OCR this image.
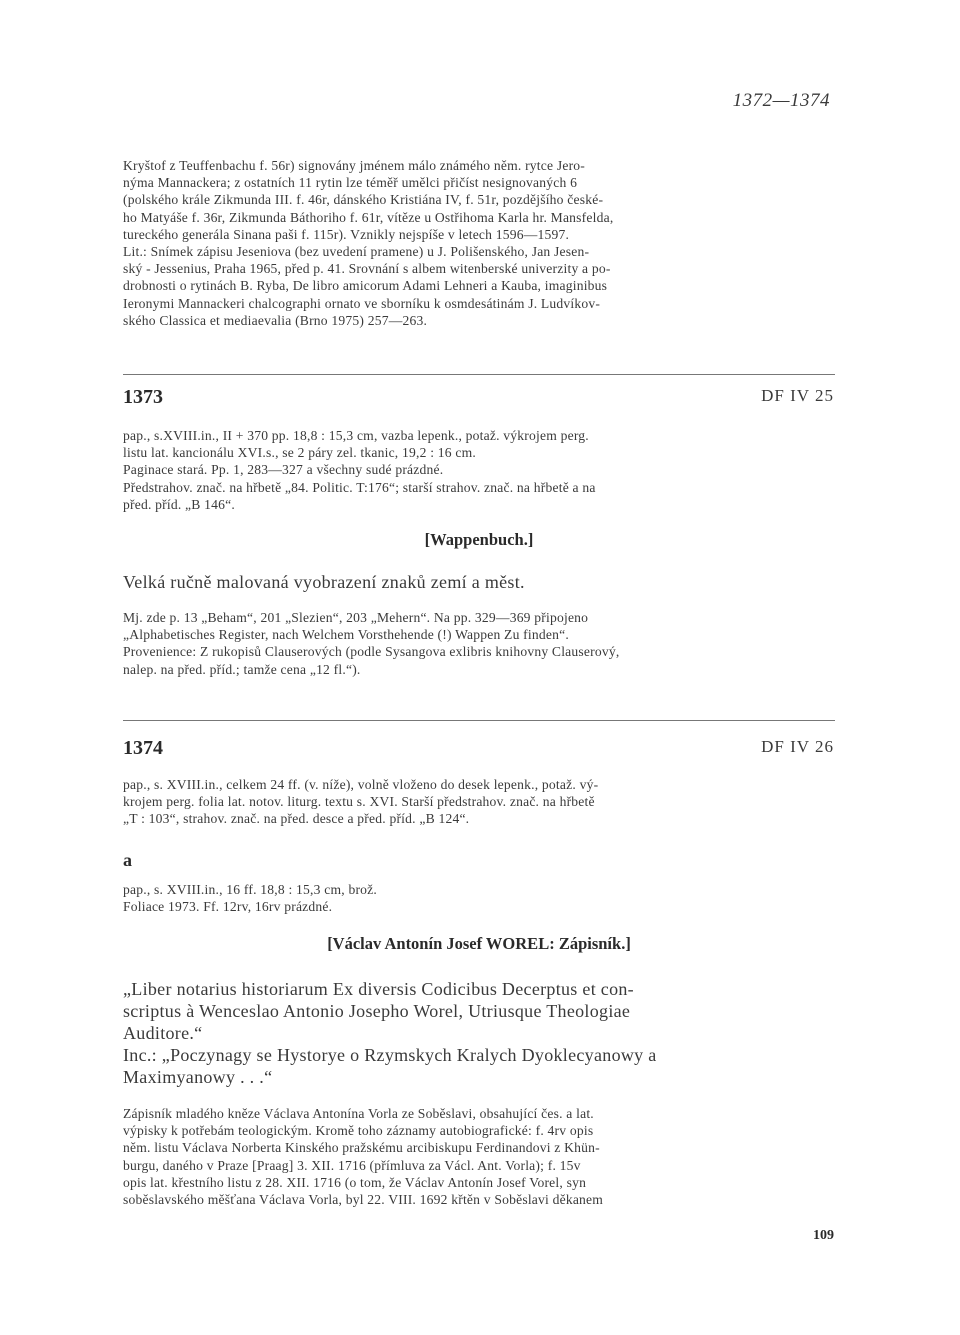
1372—1374

Kryštof z Teuffenbachu f. 56r) signovány jménem málo známého něm. rytce Jero-

nýma Mannackera; z ostatních 11 rytin lze téměř umělci přičíst nesignovaných 6

(polského krále Zikmunda III. f. 46r, dánského Kristiána IV, f. 51r, pozdějšího české-

ho Matyáše f. 36r, Zikmunda Báthoriho f. 61r, vítěze u Ostřihoma Karla hr. Mansfelda,

tureckého generála Sinana paši f. 115r). Vznikly nejspíše v letech 1596—1597.

Lit.: Snímek zápisu Jeseniova (bez uvedení pramene) u J. Polišenského, Jan Jesen-

ský - Jessenius, Praha 1965, před p. 41. Srovnání s albem witenberské univerzity a po-

drobnosti o rytinách B. Ryba, De libro amicorum Adami Lehneri a Kauba, imaginibus

Ieronymi Mannackeri chalcographi ornato ve sborníku k osmdesátinám J. Ludvíkov-

ského Classica et mediaevalia (Brno 1975) 257—263.

1373	DF IV 25

pap., s.XVIII.in., II + 370 pp. 18,8 : 15,3 cm, vazba lepenk., potaž. výkrojem perg.

listu lat. kancionálu XVI.s., se 2 páry zel. tkanic, 19,2 : 16 cm.

Paginace stará. Pp. 1, 283—327 a všechny sudé prázdné.

Předstrahov. znač. na hřbetě „84. Politic. T:176“; starší strahov. znač. na hřbetě a na

před. příd. „B 146“.

[Wappenbuch.]

Velká ručně malovaná vyobrazení znaků zemí a měst.

Mj. zde p. 13 „Beham“, 201 „Slezien“, 203 „Mehern“. Na pp. 329—369 připojeno

„Alphabetisches Register, nach Welchem Vorsthehende (!) Wappen Zu finden“.

Provenience: Z rukopisů Clauserových (podle Sysangova exlibris knihovny Clauserový,

nalep. na před. příd.; tamže cena „12 fl.“).

1374	DF IV 26

pap., s. XVIII.in., celkem 24 ff. (v. níže), volně vloženo do desek lepenk., potaž. vý-

krojem perg. folia lat. notov. liturg. textu s. XVI. Starší předstrahov. znač. na hřbetě

„T : 103“, strahov. znač. na před. desce a před. příd. „B 124“.

a

pap., s. XVIII.in., 16 ff. 18,8 : 15,3 cm, brož.

Foliace 1973. Ff. 12rv, 16rv prázdné.

[Václav Antonín Josef WOREL: Zápisník.]

„Liber notarius historiarum Ex diversis Codicibus Decerptus et con-

scriptus à Wenceslao Antonio Josepho Worel, Utriusque Theologiae

Auditore.“

Inc.: „Poczynagy se Hystorye o Rzymskych Kralych Dyoklecyanowy a

Maximyanowy . . .“

Zápisník mladého kněze Václava Antonína Vorla ze Soběslavi, obsahující čes. a lat.

výpisky k potřebám teologickým. Kromě toho záznamy autobiografické: f. 4rv opis

něm. listu Václava Norberta Kinského pražskému arcibiskupu Ferdinandovi z Khün-

burgu, daného v Praze [Praag] 3. XII. 1716 (přímluva za Václ. Ant. Vorla); f. 15v

opis lat. křestního listu z 28. XII. 1716 (o tom, že Václav Antonín Josef Vorel, syn

soběslavského měšťana Václava Vorla, byl 22. VIII. 1692 křtěn v Soběslavi děkanem

109
